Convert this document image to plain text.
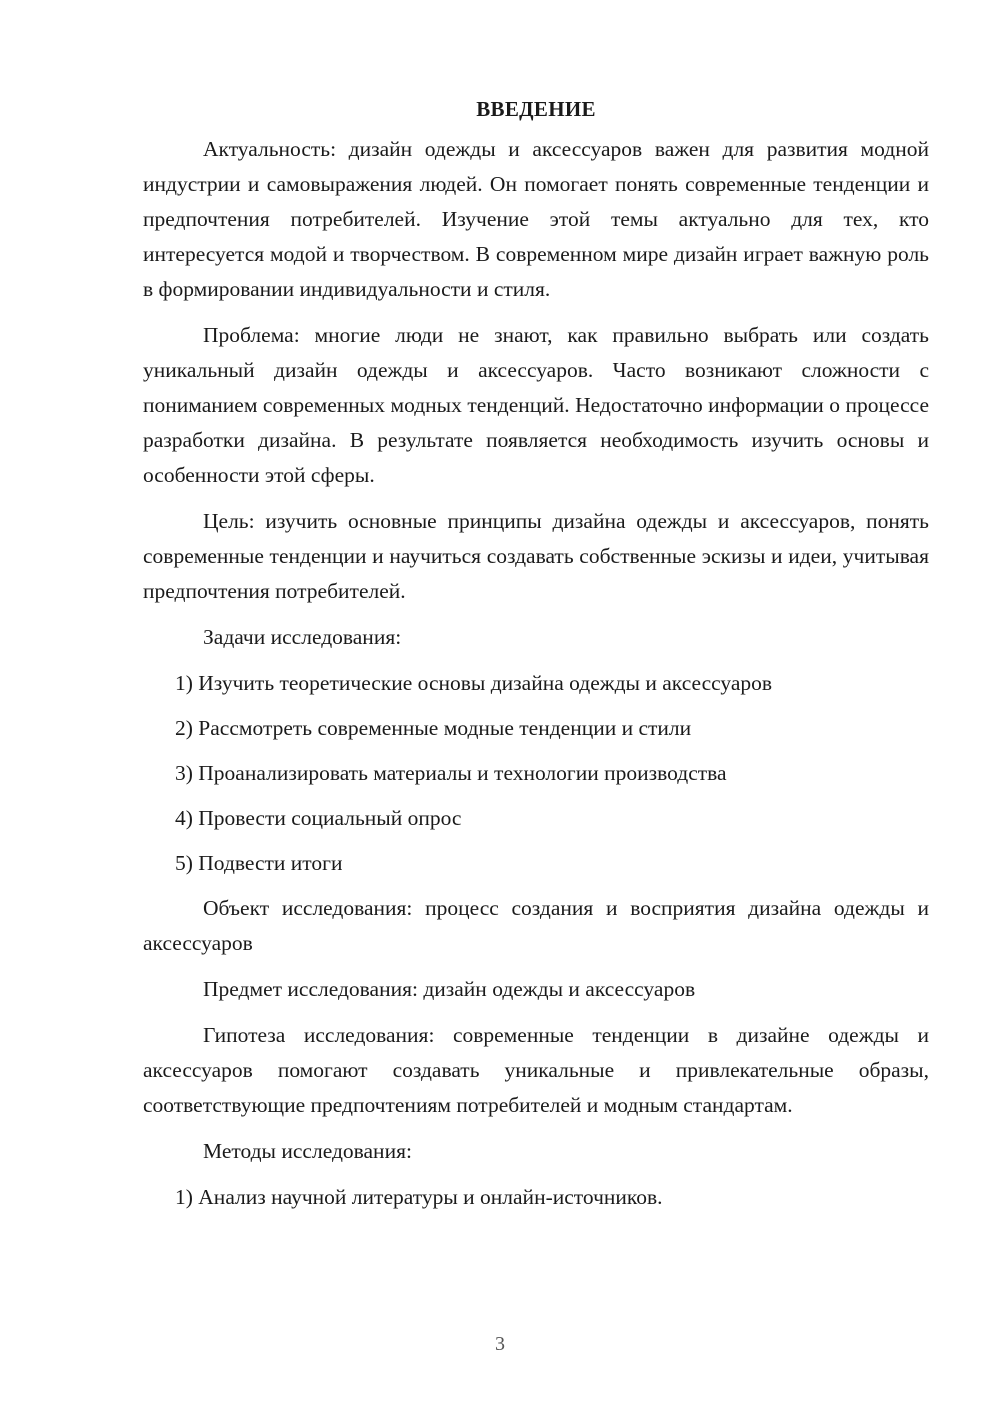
ВВЕДЕНИЕ

Актуальность: дизайн одежды и аксессуаров важен для развития модной индустрии и самовыражения людей. Он помогает понять современные тенденции и предпочтения потребителей. Изучение этой темы актуально для тех, кто интересуется модой и творчеством. В современном мире дизайн играет важную роль в формировании индивидуальности и стиля.

Проблема: многие люди не знают, как правильно выбрать или создать уникальный дизайн одежды и аксессуаров. Часто возникают сложности с пониманием современных модных тенденций. Недостаточно информации о процессе разработки дизайна. В результате появляется необходимость изучить основы и особенности этой сферы.

Цель: изучить основные принципы дизайна одежды и аксессуаров, понять современные тенденции и научиться создавать собственные эскизы и идеи, учитывая предпочтения потребителей.

Задачи исследования:

1) Изучить теоретические основы дизайна одежды и аксессуаров

2) Рассмотреть современные модные тенденции и стили

3) Проанализировать материалы и технологии производства

4) Провести социальный опрос

5) Подвести итоги

Объект исследования: процесс создания и восприятия дизайна одежды и аксессуаров

Предмет исследования: дизайн одежды и аксессуаров

Гипотеза исследования: современные тенденции в дизайне одежды и аксессуаров помогают создавать уникальные и привлекательные образы, соответствующие предпочтениям потребителей и модным стандартам.

Методы исследования:

1) Анализ научной литературы и онлайн-источников.

3
